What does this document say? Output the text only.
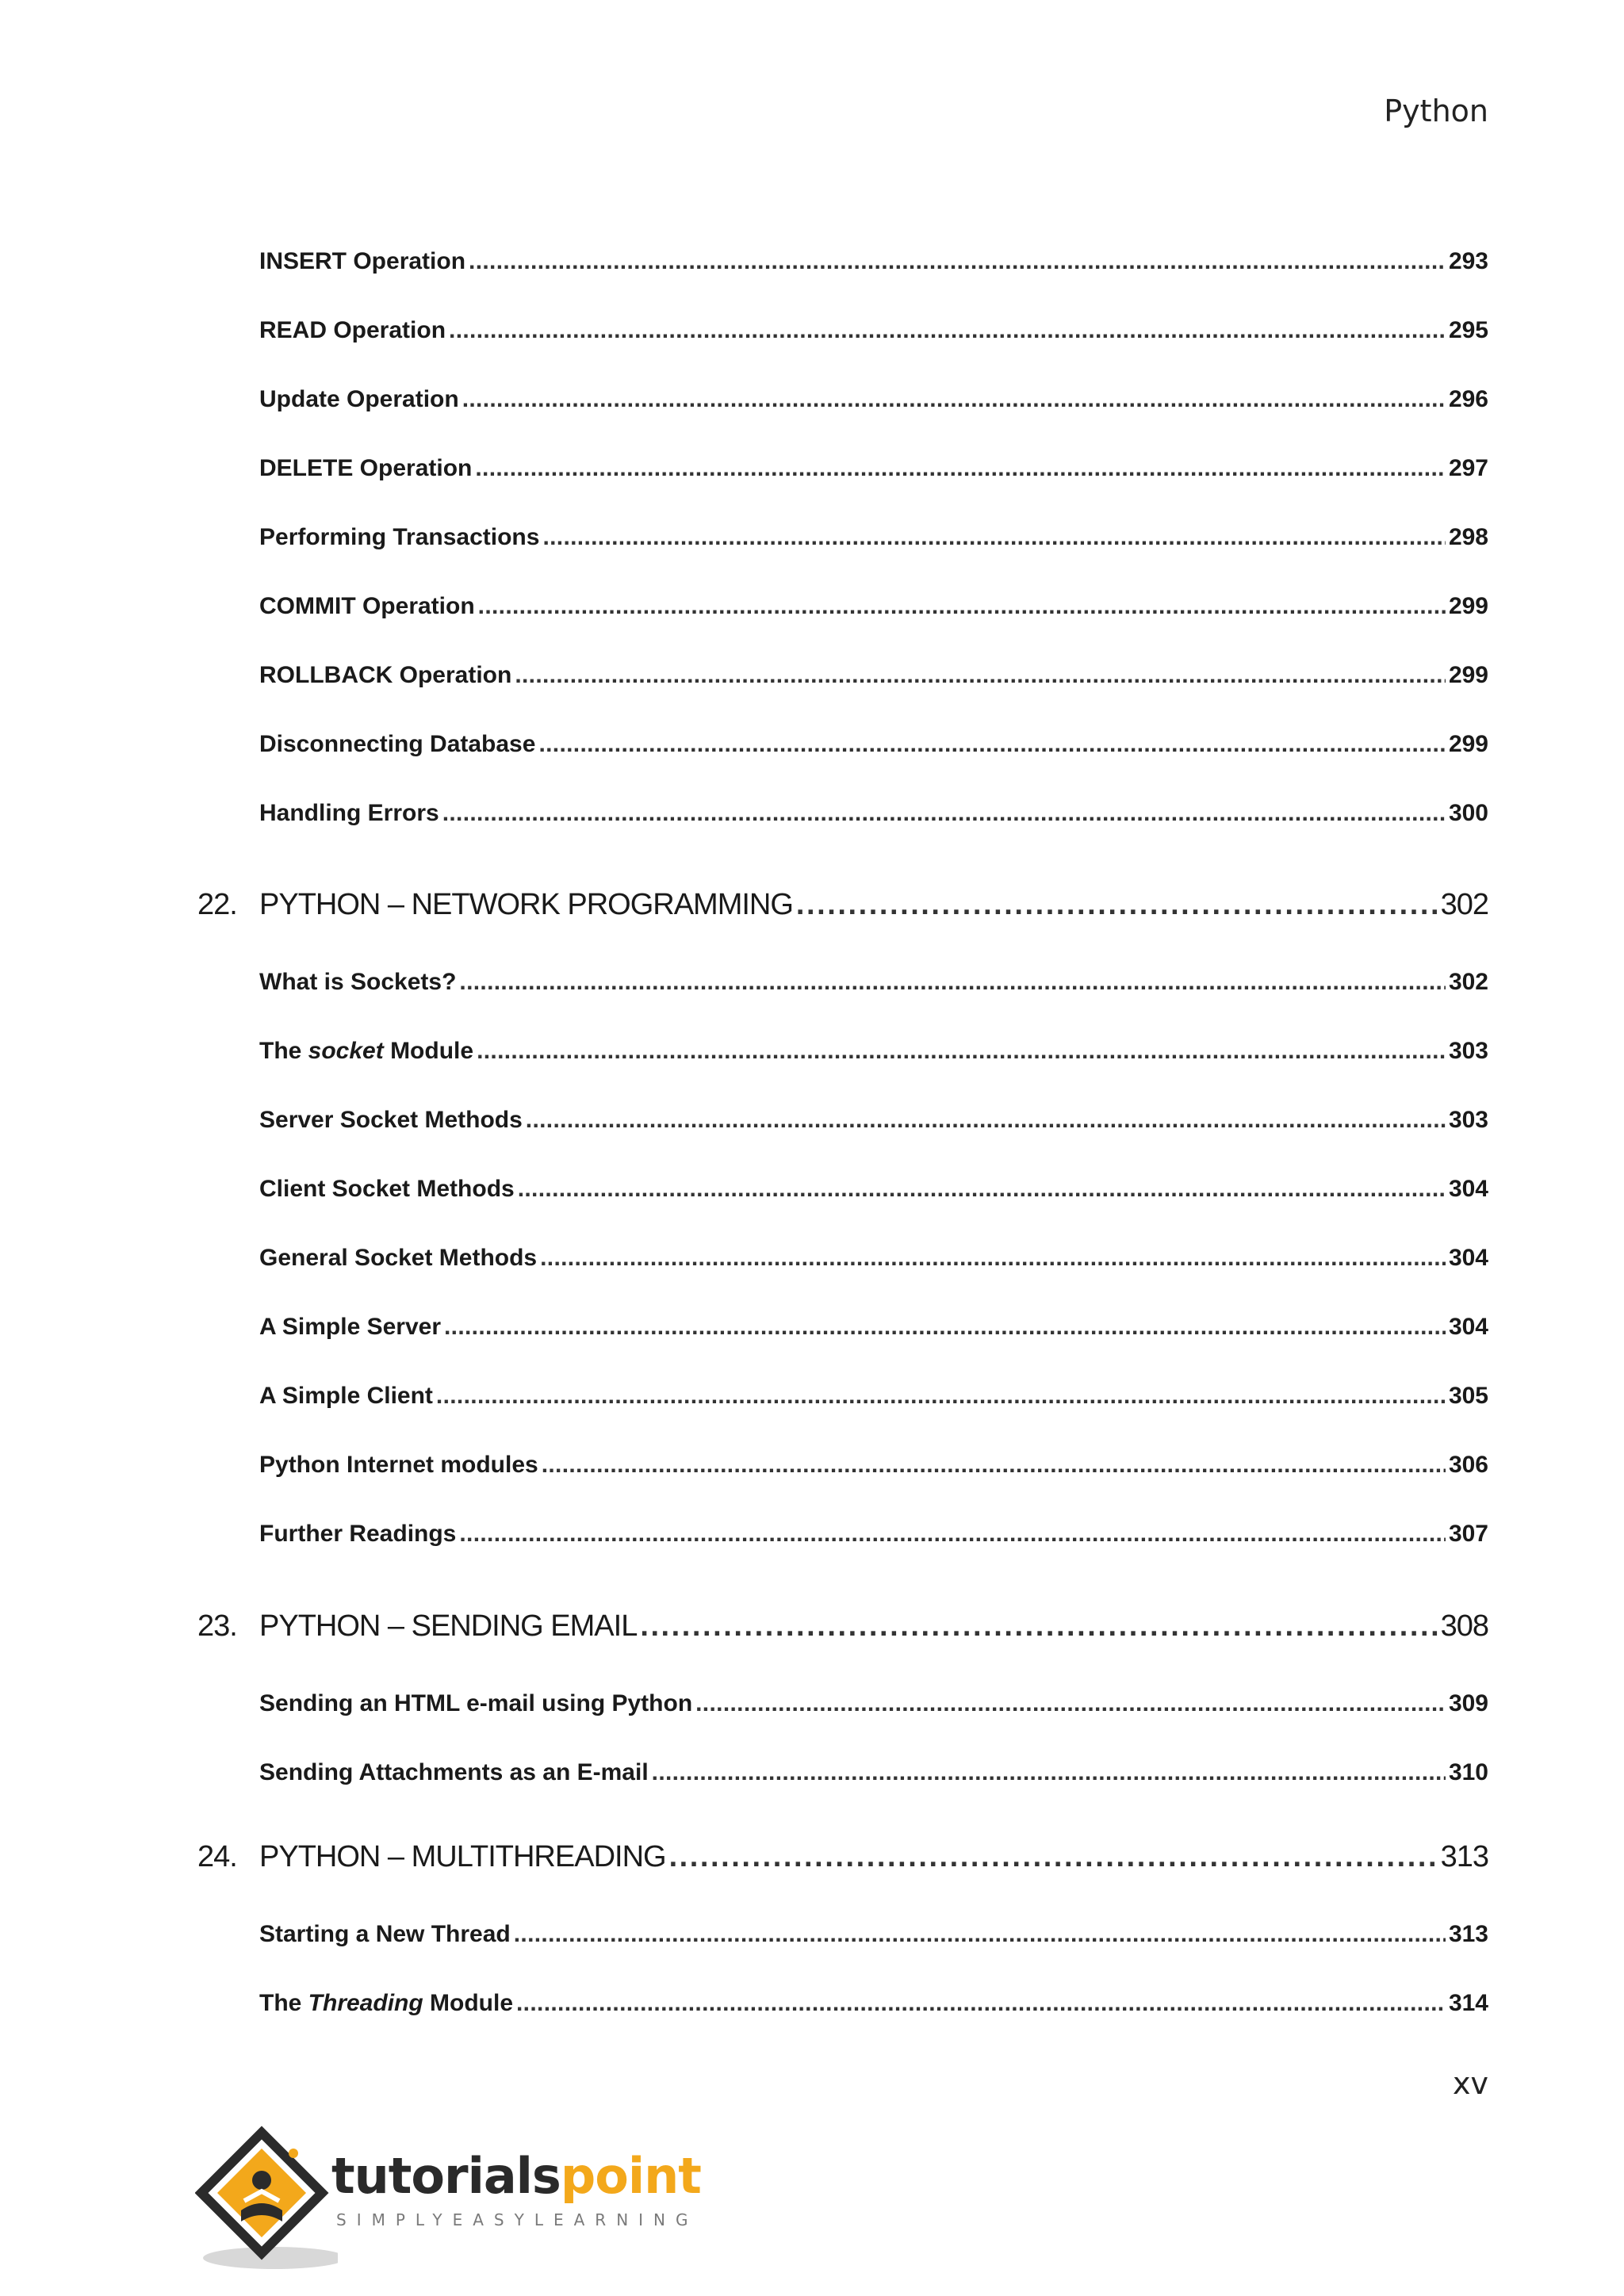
Python
INSERT Operation . . .	293
READ Operation . . .	295
Update Operation . . .	296
DELETE Operation . . .	297
Performing Transactions . . .	298
COMMIT Operation . . .	299
ROLLBACK Operation . . .	299
Disconnecting Database . . .	299
Handling Errors . . .	300
22. PYTHON – NETWORK PROGRAMMING . . .	302
What is Sockets? . . .	302
The socket Module . . .	303
Server Socket Methods . . .	303
Client Socket Methods . . .	304
General Socket Methods . . .	304
A Simple Server . . .	304
A Simple Client . . .	305
Python Internet modules . . .	306
Further Readings . . .	307
23. PYTHON – SENDING EMAIL . . .	308
Sending an HTML e-mail using Python . . .	309
Sending Attachments as an E-mail . . .	310
24. PYTHON – MULTITHREADING . . .	313
Starting a New Thread . . .	313
The Threading Module . . .	314
xv
tutorialspoint
SIMPLYEASYLEARNING
